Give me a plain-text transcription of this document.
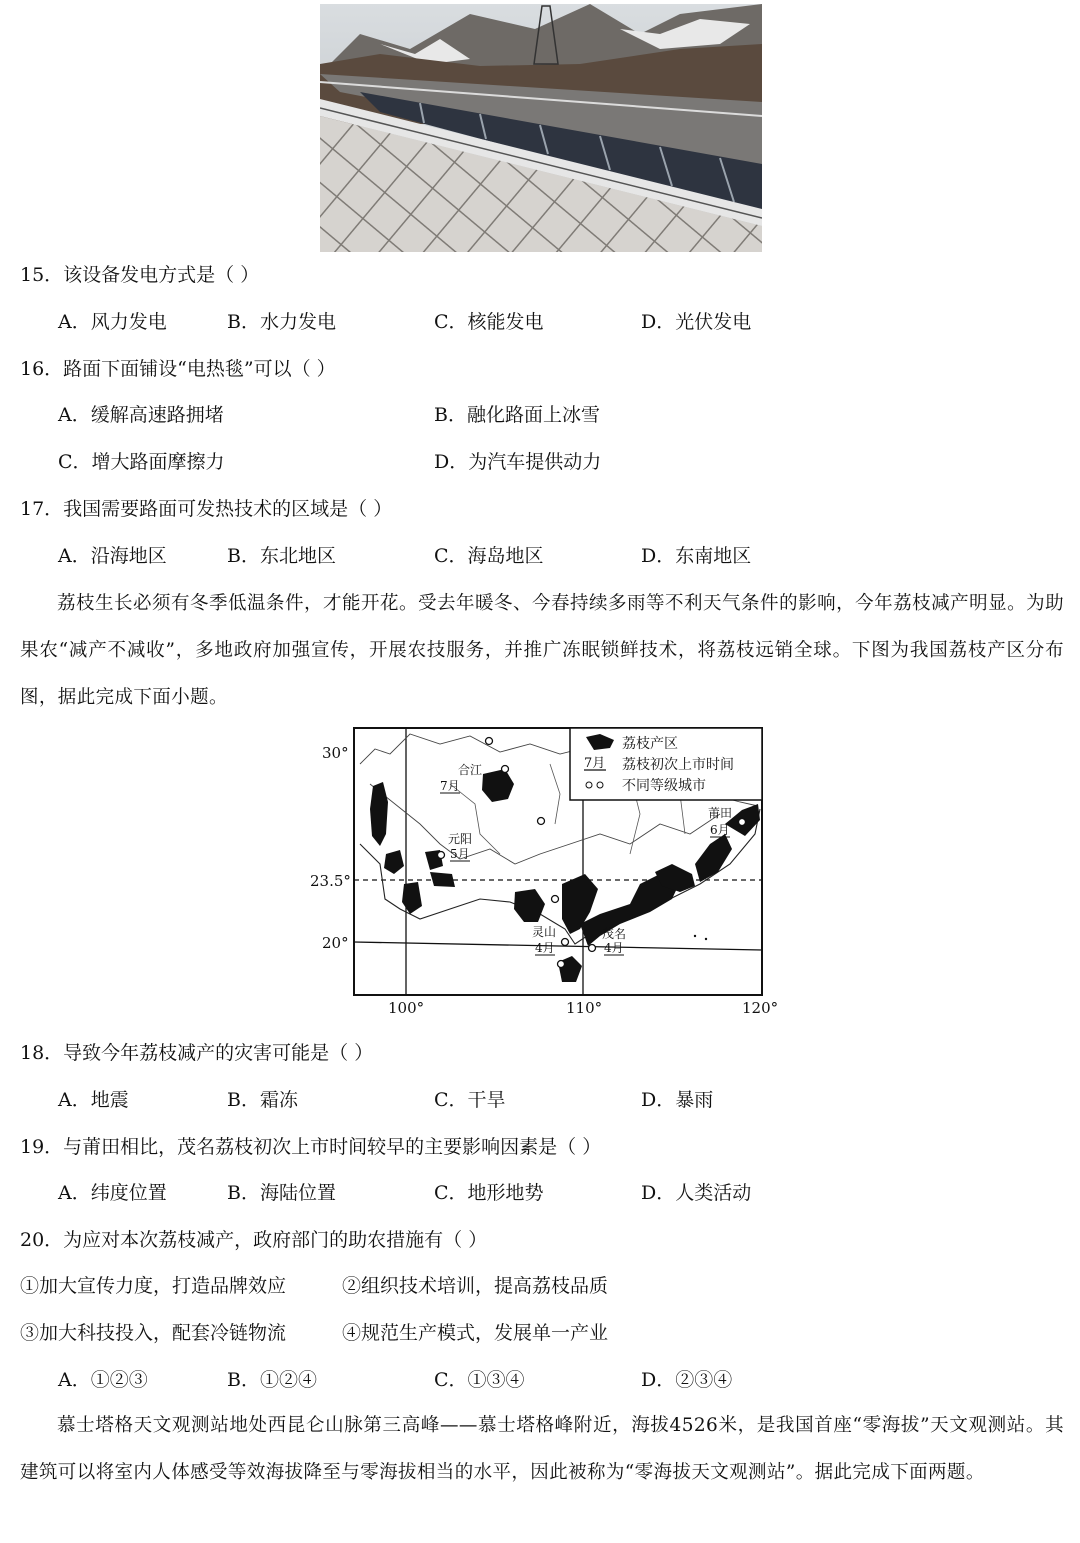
15．该设备发电方式是（ ）
A．风力发电	B．水力发电	C．核能发电	D．光伏发电
16．路面下面铺设“电热毯”可以（ ）
A．缓解高速路拥堵	B．融化路面上冰雪
C．增大路面摩擦力	D．为汽车提供动力
17．我国需要路面可发热技术的区域是（ ）
A．沿海地区	B．东北地区	C．海岛地区	D．东南地区
荔枝生长必须有冬季低温条件，才能开花。受去年暖冬、今春持续多雨等不利天气条件的影响，今年荔枝减产明显。为助果农“减产不减收”，多地政府加强宣传，开展农技服务，并推广冻眠锁鲜技术，将荔枝远销全球。下图为我国荔枝产区分布图，据此完成下面小题。
荔枝产区
7月 荔枝初次上市时间
不同等级城市
合江
7月
元阳
5月
莆田
6月
灵山
4月
茂名
4月
30°
23.5°
20°
100°	110°	120°
18．导致今年荔枝减产的灾害可能是（ ）
A．地震	B．霜冻	C．干旱	D．暴雨
19．与莆田相比，茂名荔枝初次上市时间较早的主要影响因素是（ ）
A．纬度位置	B．海陆位置	C．地形地势	D．人类活动
20．为应对本次荔枝减产，政府部门的助农措施有（ ）
①加大宣传力度，打造品牌效应	②组织技术培训，提高荔枝品质
③加大科技投入，配套冷链物流	④规范生产模式，发展单一产业
A．①②③	B．①②④	C．①③④	D．②③④
慕士塔格天文观测站地处西昆仑山脉第三高峰——慕士塔格峰附近，海拔4526米，是我国首座“零海拔”天文观测站。其建筑可以将室内人体感受等效海拔降至与零海拔相当的水平，因此被称为“零海拔天文观测站”。据此完成下面两题。
